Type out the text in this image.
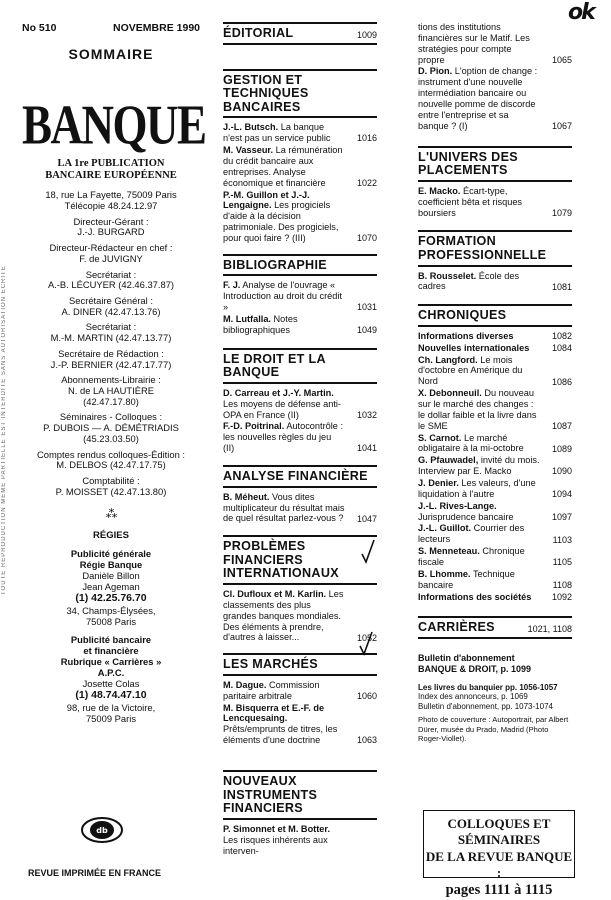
ok
TOUTE REPRODUCTION MÊME PARTIELLE EST INTERDITE SANS AUTORISATION ÉCRITE
No 510	NOVEMBRE 1990
SOMMAIRE
BANQUE
LA 1re PUBLICATION
BANCAIRE EUROPÉENNE
18, rue La Fayette, 75009 Paris
Télécopie 48.24.12.97
Directeur-Gérant :
J.-J. BURGARD
Directeur-Rédacteur en chef :
F. de JUVIGNY
Secrétariat :
A.-B. LÉCUYER (42.46.37.87)
Secrétaire Général :
A. DINER (42.47.13.76)
Secrétariat :
M.-M. MARTIN (42.47.13.77)
Secrétaire de Rédaction :
J.-P. BERNIER (42.47.17.77)
Abonnements-Librairie :
N. de LA HAUTIÈRE
(42.47.17.80)
Séminaires - Colloques :
P. DUBOIS — A. DÉMÉTRIADIS
(45.23.03.50)
Comptes rendus colloques-Édition :
M. DELBOS (42.47.17.75)
Comptabilité :
P. MOISSET (42.47.13.80)
⁂
RÉGIES
Publicité générale
Régie Banque
Danièle Billon
Jean Ageman
(1) 42.25.76.70
34, Champs-Élysées,
75008 Paris
Publicité bancaire
et financière
Rubrique « Carrières »
A.P.C.
Josette Colas
(1) 48.74.47.10
98, rue de la Victoire,
75009 Paris
db
REVUE IMPRIMÉE EN FRANCE
ÉDITORIAL	1009
GESTION ET TECHNIQUES BANCAIRES
J.-L. Butsch. La banque n'est pas un service public	1016
M. Vasseur. La rémunération du crédit bancaire aux entreprises. Analyse économique et financière	1022
P.-M. Guillon et J.-J. Lengaigne. Les progiciels d'aide à la décision patrimoniale. Des progiciels, pour quoi faire ? (III)	1070
BIBLIOGRAPHIE
F. J. Analyse de l'ouvrage « Introduction au droit du crédit »	1031
M. Lutfalla. Notes bibliographiques	1049
LE DROIT ET LA BANQUE
D. Carreau et J.-Y. Martin. Les moyens de défense anti-OPA en France (II)	1032
F.-D. Poitrinal. Autocontrôle : les nouvelles règles du jeu (II)	1041
ANALYSE FINANCIÈRE
B. Méheut. Vous dites multiplicateur du résultat mais de quel résultat parlez-vous ? 1047
PROBLÈMES FINANCIERS INTERNATIONAUX
Cl. Dufloux et M. Karlin. Les classements des plus grandes banques mondiales. Des éléments à prendre, d'autres à laisser...	1052
LES MARCHÉS
M. Dague. Commission paritaire arbitrale	1060
M. Bisquerra et E.-F. de Lencquesaing. Prêts/emprunts de titres, les éléments d'une doctrine	1063
NOUVEAUX INSTRUMENTS FINANCIERS
P. Simonnet et M. Botter. Les risques inhérents aux interven-
tions des institutions financières sur le Matif. Les stratégies pour compte propre	1065
D. Pion. L'option de change : instrument d'une nouvelle intermédiation bancaire ou nouvelle pomme de discorde entre l'entreprise et sa banque ? (I)	1067
L'UNIVERS DES PLACEMENTS
E. Macko. Écart-type, coefficient bêta et risques boursiers	1079
FORMATION PROFESSIONNELLE
B. Rousselet. École des cadres	1081
CHRONIQUES
Informations diverses	1082
Nouvelles internationales	1084
Ch. Langford. Le mois d'octobre en Amérique du Nord	1086
X. Debonneuil. Du nouveau sur le marché des changes : le dollar faible et la livre dans le SME	1087
S. Carnot. Le marché obligataire à la mi-octobre	1089
G. Pfauwadel, invité du mois. Interview par E. Macko	1090
J. Denier. Les valeurs, d'une liquidation à l'autre	1094
J.-L. Rives-Lange. Jurisprudence bancaire	1097
J.-L. Guillot. Courrier des lecteurs	1103
S. Menneteau. Chronique fiscale	1105
B. Lhomme. Technique bancaire	1108
Informations des sociétés 1092
CARRIÈRES	1021, 1108
Bulletin d'abonnement
BANQUE & DROIT, p. 1099
Les livres du banquier pp. 1056-1057
Index des annonceurs, p. 1069
Bulletin d'abonnement, pp. 1073-1074
Photo de couverture : Autoportrait, par Albert Dürer, musée du Prado, Madrid (Photo Roger-Viollet).
COLLOQUES ET SÉMINAIRES
DE LA REVUE BANQUE :
pages 1111 à 1115
